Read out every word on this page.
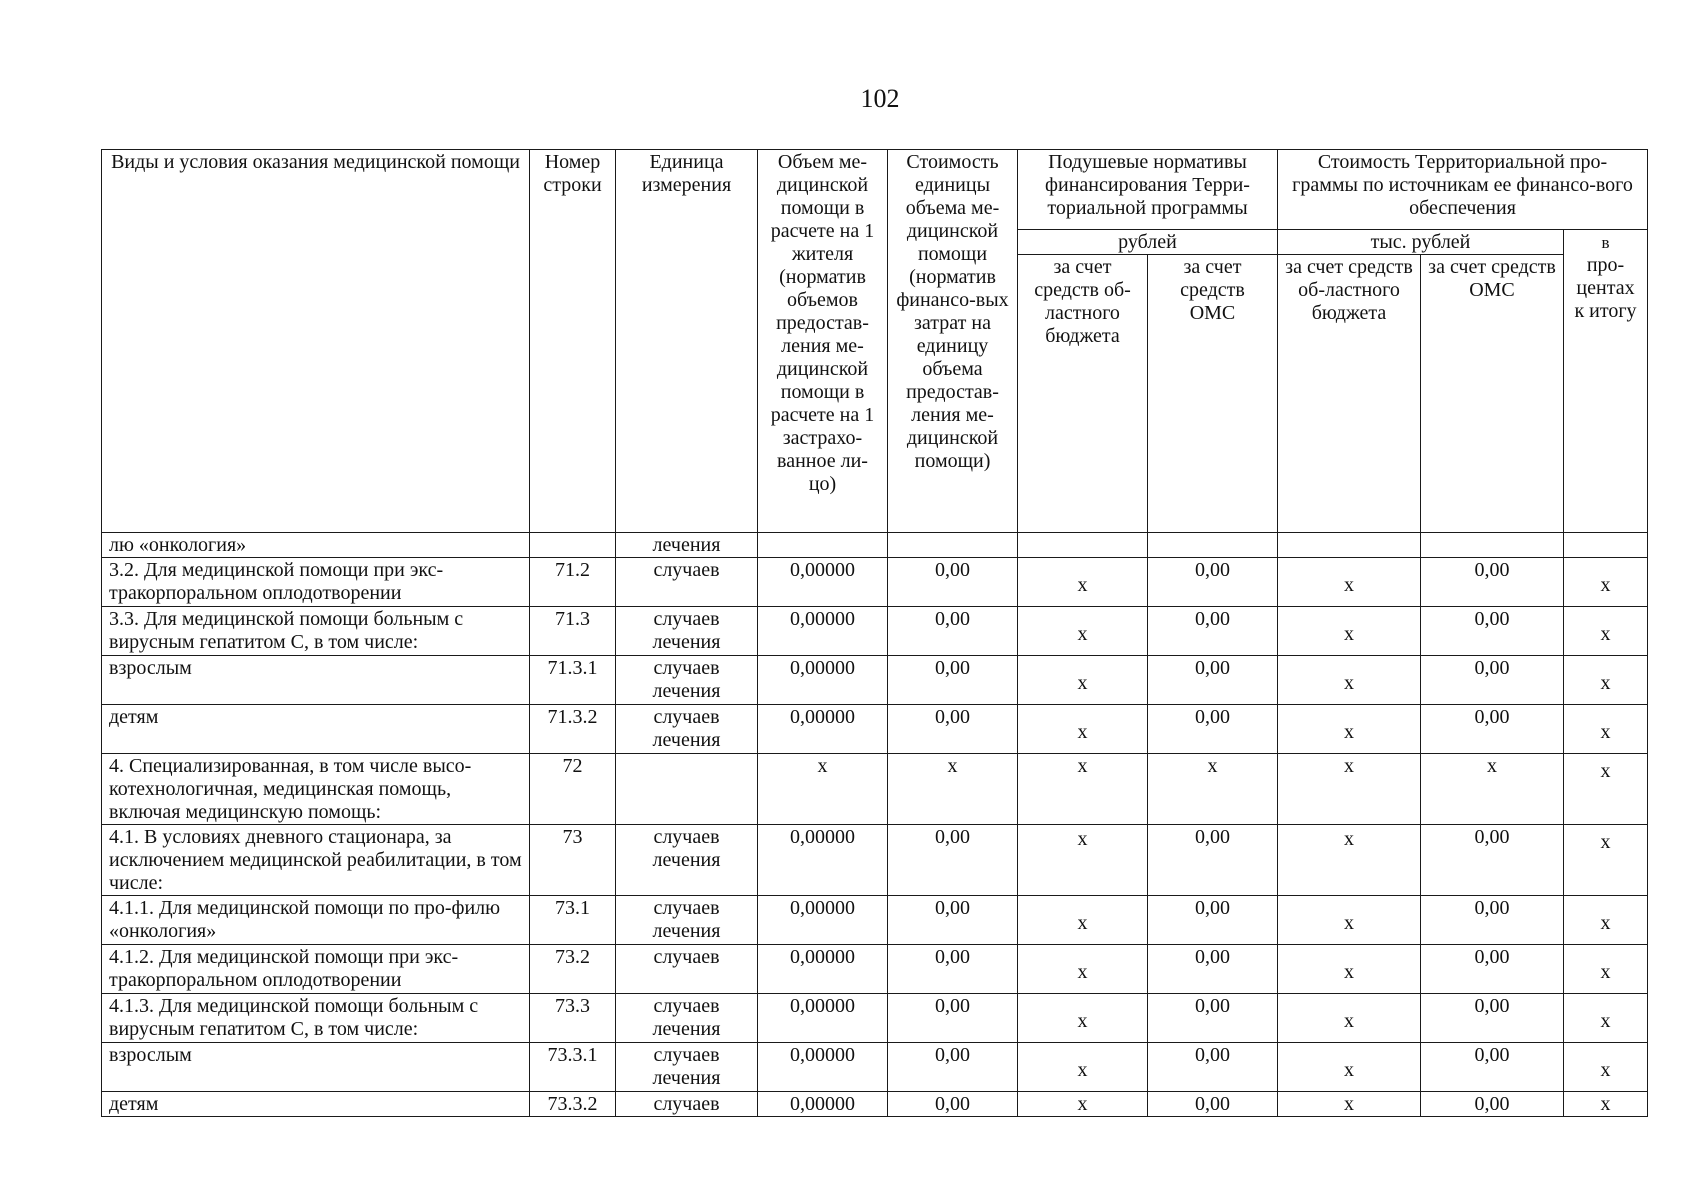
102
Виды и условия оказания медицинской помощи	Номер строки	Единица измерения	Объем ме-дицинской помощи в расчете на 1 жителя (норматив объемов предостав-ления ме-дицинской помощи в расчете на 1 застрахо-ванное ли-цо)	Стоимость единицы объема ме-дицинской помощи (норматив финансо-вых затрат на единицу объема предостав-ления ме-дицинской помощи)	Подушевые нормативы финансирования Терри-ториальной программы		Стоимость Территориальной про-граммы по источникам ее финансо-вого обеспечения		
					рублей		тыс. рублей		в
про-центах к итогу

					за счет средств об-ластного бюджета	за счет средств ОМС	за счет средств об-ластного бюджета	за счет средств ОМС	
лю «онкология»		лечения							
3.2. Для медицинской помощи при экс-тракорпоральном оплодотворении	71.2	случаев	0,00000	0,00	х	0,00	х	0,00	х
3.3. Для медицинской помощи больным с вирусным гепатитом С, в том числе:	71.3	случаев лечения	0,00000	0,00	х	0,00	х	0,00	х
взрослым	71.3.1	случаев лечения	0,00000	0,00	х	0,00	х	0,00	х
детям	71.3.2	случаев лечения	0,00000	0,00	х	0,00	х	0,00	х
4. Специализированная, в том числе высо-котехнологичная, медицинская помощь, включая медицинскую помощь:	72		х	х	х	х	х	х	х
4.1. В условиях дневного стационара, за исключением медицинской реабилитации, в том числе:	73	случаев лечения	0,00000	0,00	х	0,00	х	0,00	х
4.1.1. Для медицинской помощи по про-филю «онкология»	73.1	случаев лечения	0,00000	0,00	х	0,00	х	0,00	х
4.1.2. Для медицинской помощи при экс-тракорпоральном оплодотворении	73.2	случаев	0,00000	0,00	х	0,00	х	0,00	х
4.1.3. Для медицинской помощи больным с вирусным гепатитом С, в том числе:	73.3	случаев лечения	0,00000	0,00	х	0,00	х	0,00	х
взрослым	73.3.1	случаев лечения	0,00000	0,00	х	0,00	х	0,00	х
детям	73.3.2	случаев	0,00000	0,00	х	0,00	х	0,00	х
